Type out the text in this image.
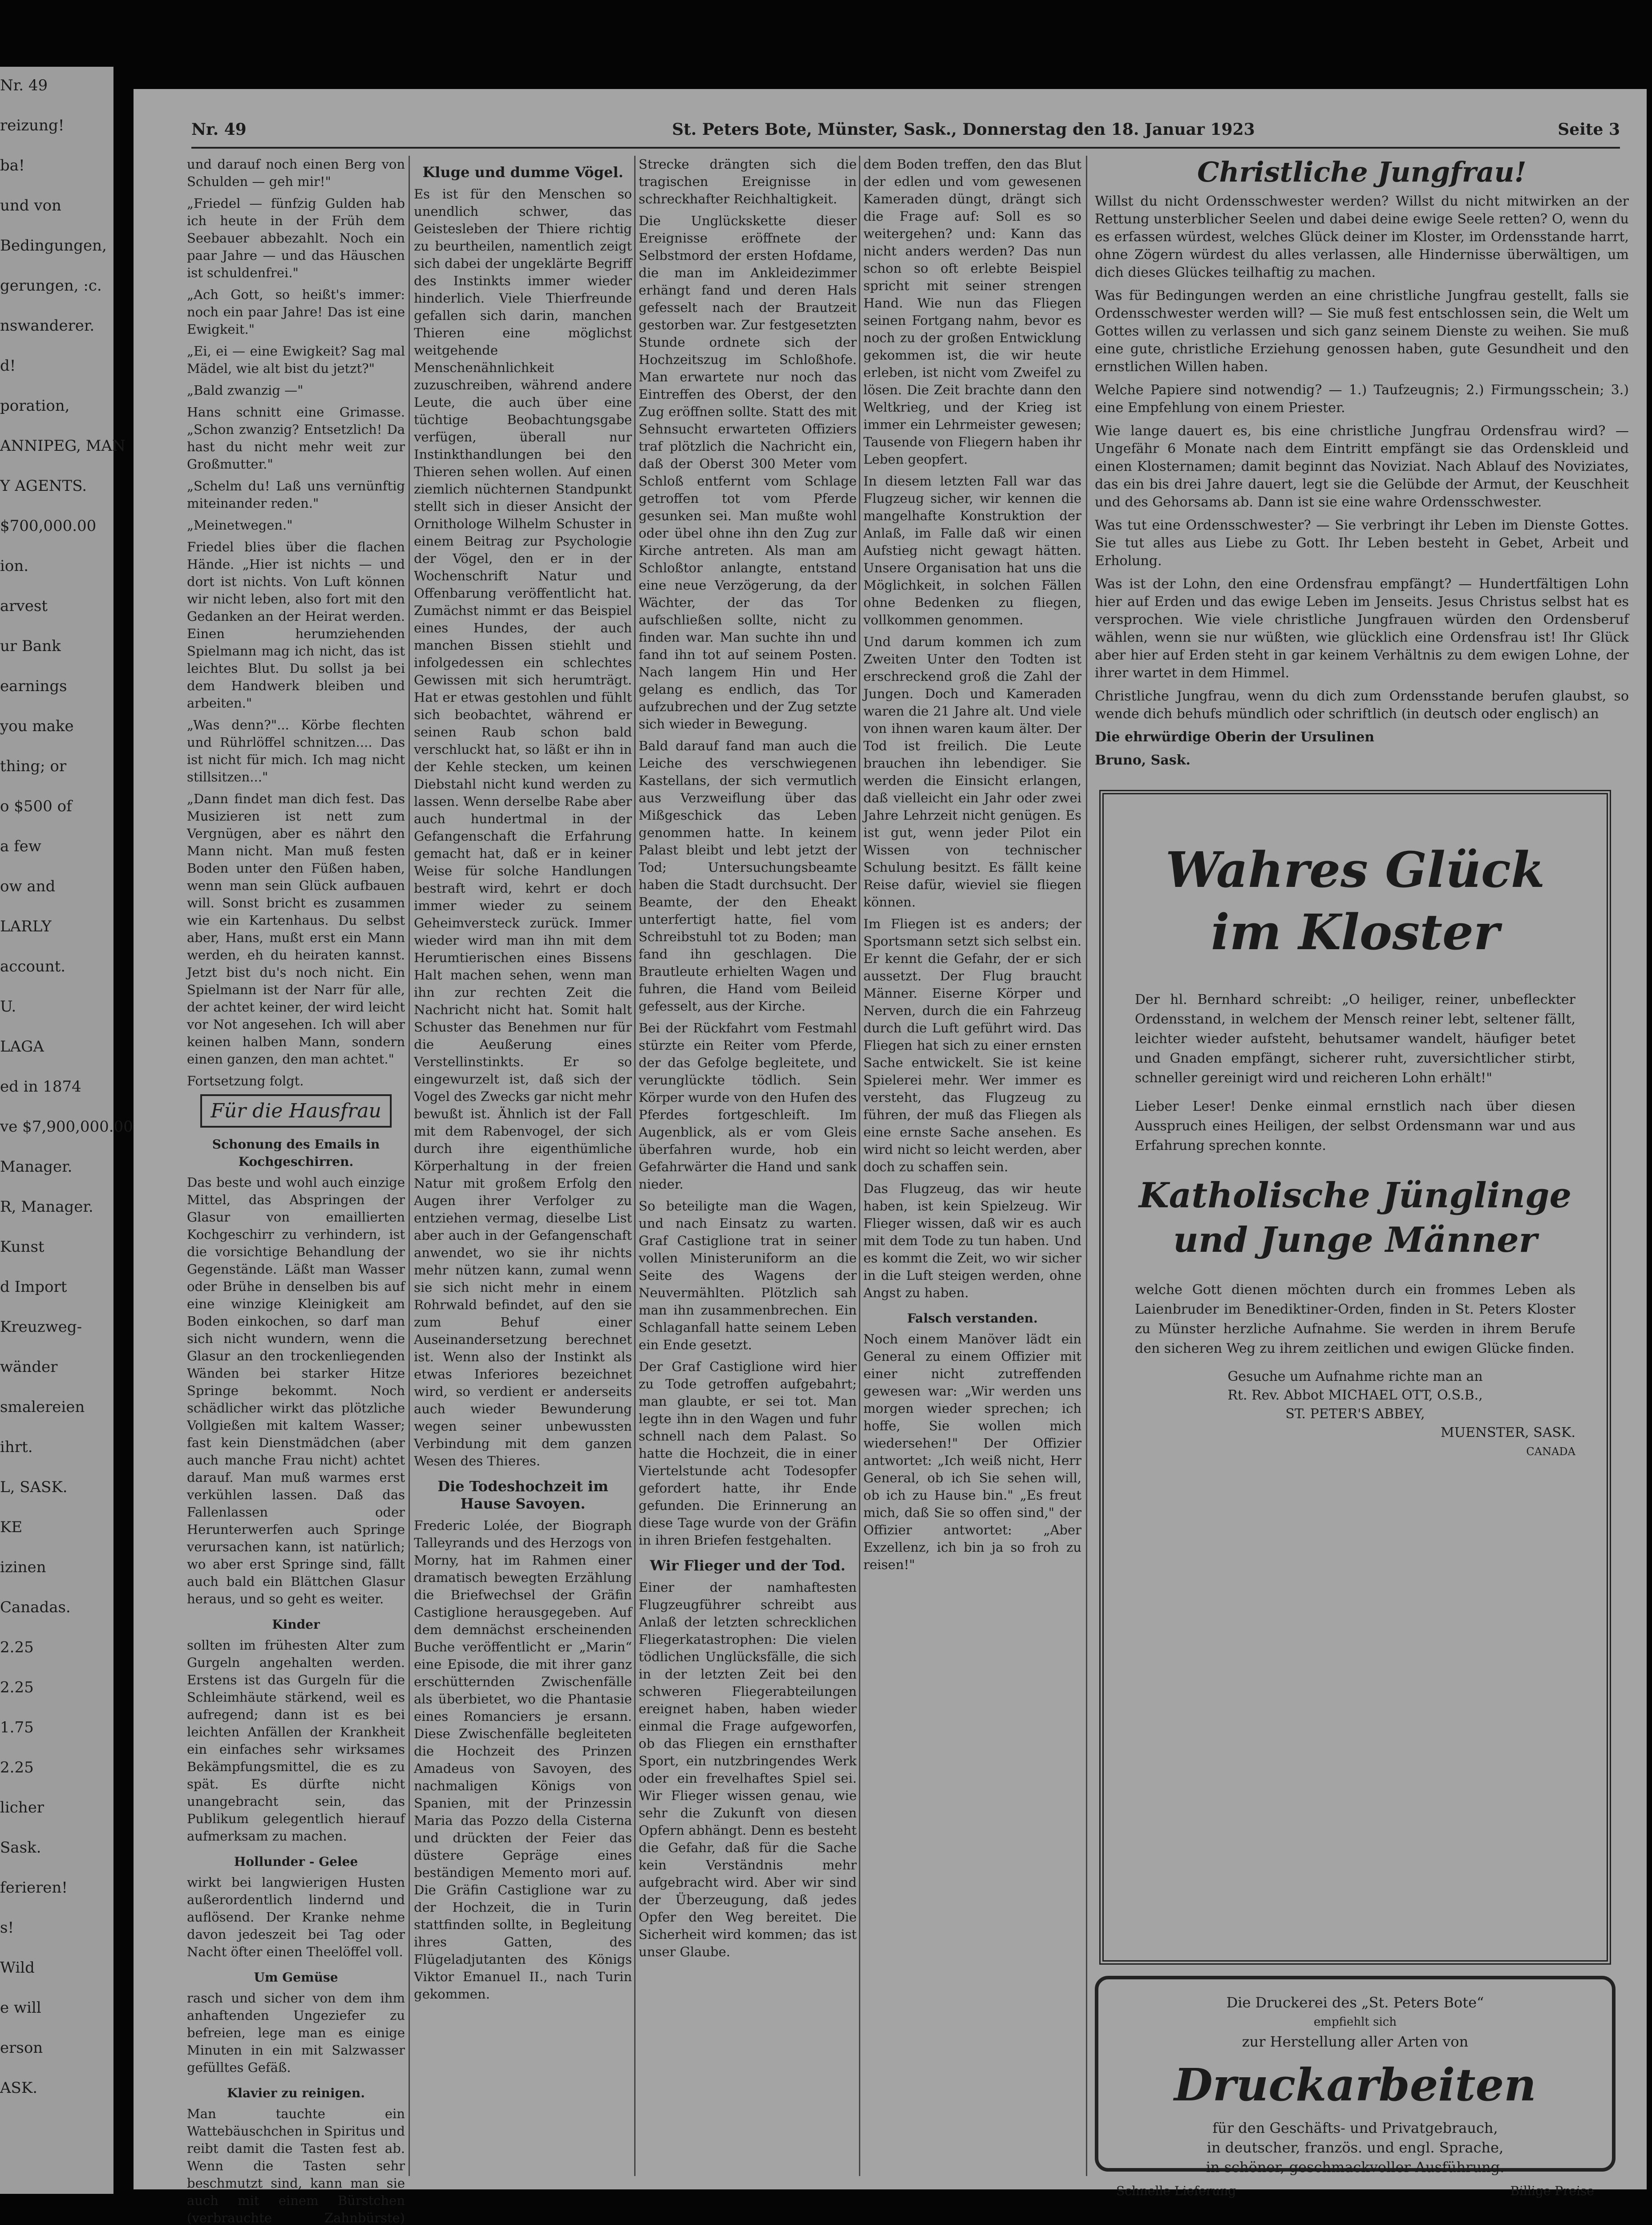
Nr. 49

reizung!

ba!

und von

Bedingungen,

gerungen, :c.

nswanderer.

d!

poration,

ANNIPEG, MAN

Y AGENTS.

$700,000.00

ion.

arvest

ur Bank

earnings

you make

thing; or

o $500 of

a few

ow and

LARLY

account.

U.

LAGA

ed in 1874

ve $7,900,000.00

Manager.

R, Manager.

Kunst

d Import

Kreuzweg-

wänder

smalereien

ihrt.

L, SASK.

KE

izinen

Canadas.

2.25

2.25

1.75

2.25

licher

Sask.

ferieren!

s!

Wild

e will

erson

ASK.

Nr. 49	St. Peters Bote, Münster, Sask., Donnerstag den 18. Januar 1923	Seite 3

und darauf noch einen Berg von Schulden — geh mir!"

„Friedel — fünfzig Gulden hab ich heute in der Früh dem Seebauer abbezahlt. Noch ein paar Jahre — und das Häuschen ist schuldenfrei."

„Ach Gott, so heißt's immer: noch ein paar Jahre! Das ist eine Ewigkeit."

„Ei, ei — eine Ewigkeit? Sag mal Mädel, wie alt bist du jetzt?"

„Bald zwanzig —"

Hans schnitt eine Grimasse. „Schon zwanzig? Entsetzlich! Da hast du nicht mehr weit zur Großmutter."

„Schelm du! Laß uns vernünftig miteinander reden."

„Meinetwegen."

Friedel blies über die flachen Hände. „Hier ist nichts — und dort ist nichts. Von Luft können wir nicht leben, also fort mit den Gedanken an der Heirat werden. Einen herumziehenden Spielmann mag ich nicht, das ist leichtes Blut. Du sollst ja bei dem Handwerk bleiben und arbeiten."

„Was denn?"... Körbe flechten und Rührlöffel schnitzen.... Das ist nicht für mich. Ich mag nicht stillsitzen..."

„Dann findet man dich fest. Das Musizieren ist nett zum Vergnügen, aber es nährt den Mann nicht. Man muß festen Boden unter den Füßen haben, wenn man sein Glück aufbauen will. Sonst bricht es zusammen wie ein Kartenhaus. Du selbst aber, Hans, mußt erst ein Mann werden, eh du heiraten kannst. Jetzt bist du's noch nicht. Ein Spielmann ist der Narr für alle, der achtet keiner, der wird leicht vor Not angesehen. Ich will aber keinen halben Mann, sondern einen ganzen, den man achtet."

Fortsetzung folgt.

Für die Hausfrau
Schonung des Emails in Kochgeschirren.

Das beste und wohl auch einzige Mittel, das Abspringen der Glasur von emaillierten Kochgeschirr zu verhindern, ist die vorsichtige Behandlung der Gegenstände. Läßt man Wasser oder Brühe in denselben bis auf eine winzige Kleinigkeit am Boden einkochen, so darf man sich nicht wundern, wenn die Glasur an den trockenliegenden Wänden bei starker Hitze Springe bekommt. Noch schädlicher wirkt das plötzliche Vollgießen mit kaltem Wasser; fast kein Dienstmädchen (aber auch manche Frau nicht) achtet darauf. Man muß warmes erst verkühlen lassen. Daß das Fallenlassen oder Herunterwerfen auch Springe verursachen kann, ist natürlich; wo aber erst Springe sind, fällt auch bald ein Blättchen Glasur heraus, und so geht es weiter.

Kinder

sollten im frühesten Alter zum Gurgeln angehalten werden. Erstens ist das Gurgeln für die Schleimhäute stärkend, weil es aufregend; dann ist es bei leichten Anfällen der Krankheit ein einfaches sehr wirksames Bekämpfungsmittel, die es zu spät. Es dürfte nicht unangebracht sein, das Publikum gelegentlich hierauf aufmerksam zu machen.

Hollunder - Gelee

wirkt bei langwierigen Husten außerordentlich lindernd und auflösend. Der Kranke nehme davon jedeszeit bei Tag oder Nacht öfter einen Theelöffel voll.

Um Gemüse

rasch und sicher von dem ihm anhaftenden Ungeziefer zu befreien, lege man es einige Minuten in ein mit Salzwasser gefülltes Gefäß.

Klavier zu reinigen.

Man tauchte ein Wattebäuschchen in Spiritus und reibt damit die Tasten fest ab. Wenn die Tasten sehr beschmutzt sind, kann man sie auch mit einem Bürstchen (verbrauchte Zahnbürste)

Kluge und dumme Vögel.

Es ist für den Menschen so unendlich schwer, das Geistesleben der Thiere richtig zu beurtheilen, namentlich zeigt sich dabei der ungeklärte Begriff des Instinkts immer wieder hinderlich. Viele Thierfreunde gefallen sich darin, manchen Thieren eine möglichst weitgehende Menschenähnlichkeit zuzuschreiben, während andere Leute, die auch über eine tüchtige Beobachtungsgabe verfügen, überall nur Instinkthandlungen bei den Thieren sehen wollen. Auf einen ziemlich nüchternen Standpunkt stellt sich in dieser Ansicht der Ornithologe Wilhelm Schuster in einem Beitrag zur Psychologie der Vögel, den er in der Wochenschrift Natur und Offenbarung veröffentlicht hat. Zumächst nimmt er das Beispiel eines Hundes, der auch manchen Bissen stiehlt und infolgedessen ein schlechtes Gewissen mit sich herumträgt. Hat er etwas gestohlen und fühlt sich beobachtet, während er seinen Raub schon bald verschluckt hat, so läßt er ihn in der Kehle stecken, um keinen Diebstahl nicht kund werden zu lassen. Wenn derselbe Rabe aber auch hundertmal in der Gefangenschaft die Erfahrung gemacht hat, daß er in keiner Weise für solche Handlungen bestraft wird, kehrt er doch immer wieder zu seinem Geheimversteck zurück. Immer wieder wird man ihn mit dem Herumtierischen eines Bissens Halt machen sehen, wenn man ihn zur rechten Zeit die Nachricht nicht hat. Somit halt Schuster das Benehmen nur für die Aeußerung eines Verstellinstinkts. Er so eingewurzelt ist, daß sich der Vogel des Zwecks gar nicht mehr bewußt ist. Ähnlich ist der Fall mit dem Rabenvogel, der sich durch ihre eigenthümliche Körperhaltung in der freien Natur mit großem Erfolg den Augen ihrer Verfolger zu entziehen vermag, dieselbe List aber auch in der Gefangenschaft anwendet, wo sie ihr nichts mehr nützen kann, zumal wenn sie sich nicht mehr in einem Rohrwald befindet, auf den sie zum Behuf einer Auseinandersetzung berechnet ist. Wenn also der Instinkt als etwas Inferiores bezeichnet wird, so verdient er anderseits auch wieder Bewunderung wegen seiner unbewussten Verbindung mit dem ganzen Wesen des Thieres.

Die Todeshochzeit im Hause Savoyen.

Frederic Lolée, der Biograph Talleyrands und des Herzogs von Morny, hat im Rahmen einer dramatisch bewegten Erzählung die Briefwechsel der Gräfin Castiglione herausgegeben. Auf dem demnächst erscheinenden Buche veröffentlicht er „Marin“ eine Episode, die mit ihrer ganz erschütternden Zwischenfälle als überbietet, wo die Phantasie eines Romanciers je ersann. Diese Zwischenfälle begleiteten die Hochzeit des Prinzen Amadeus von Savoyen, des nachmaligen Königs von Spanien, mit der Prinzessin Maria das Pozzo della Cisterna und drückten der Feier das düstere Gepräge eines beständigen Memento mori auf. Die Gräfin Castiglione war zu der Hochzeit, die in Turin stattfinden sollte, in Begleitung ihres Gatten, des Flügeladjutanten des Königs Viktor Emanuel II., nach Turin gekommen.

Strecke drängten sich die tragischen Ereignisse in schreckhafter Reichhaltigkeit.

Die Unglückskette dieser Ereignisse eröffnete der Selbstmord der ersten Hofdame, die man im Ankleidezimmer erhängt fand und deren Hals gefesselt nach der Brautzeit gestorben war. Zur festgesetzten Stunde ordnete sich der Hochzeitszug im Schloßhofe. Man erwartete nur noch das Eintreffen des Oberst, der den Zug eröffnen sollte. Statt des mit Sehnsucht erwarteten Offiziers traf plötzlich die Nachricht ein, daß der Oberst 300 Meter vom Schloß entfernt vom Schlage getroffen tot vom Pferde gesunken sei. Man mußte wohl oder übel ohne ihn den Zug zur Kirche antreten. Als man am Schloßtor anlangte, entstand eine neue Verzögerung, da der Wächter, der das Tor aufschließen sollte, nicht zu finden war. Man suchte ihn und fand ihn tot auf seinem Posten. Nach langem Hin und Her gelang es endlich, das Tor aufzubrechen und der Zug setzte sich wieder in Bewegung.

Bald darauf fand man auch die Leiche des verschwiegenen Kastellans, der sich vermutlich aus Verzweiflung über das Mißgeschick das Leben genommen hatte. In keinem Palast bleibt und lebt jetzt der Tod; Untersuchungsbeamte haben die Stadt durchsucht. Der Beamte, der den Eheakt unterfertigt hatte, fiel vom Schreibstuhl tot zu Boden; man fand ihn geschlagen. Die Brautleute erhielten Wagen und fuhren, die Hand vom Beileid gefesselt, aus der Kirche.

Bei der Rückfahrt vom Festmahl stürzte ein Reiter vom Pferde, der das Gefolge begleitete, und verunglückte tödlich. Sein Körper wurde von den Hufen des Pferdes fortgeschleift. Im Augenblick, als er vom Gleis überfahren wurde, hob ein Gefahrwärter die Hand und sank nieder.

So beteiligte man die Wagen, und nach Einsatz zu warten. Graf Castiglione trat in seiner vollen Ministeruniform an die Seite des Wagens der Neuvermählten. Plötzlich sah man ihn zusammenbrechen. Ein Schlaganfall hatte seinem Leben ein Ende gesetzt.

Der Graf Castiglione wird hier zu Tode getroffen aufgebahrt; man glaubte, er sei tot. Man legte ihn in den Wagen und fuhr schnell nach dem Palast. So hatte die Hochzeit, die in einer Viertelstunde acht Todesopfer gefordert hatte, ihr Ende gefunden. Die Erinnerung an diese Tage wurde von der Gräfin in ihren Briefen festgehalten.

Wir Flieger und der Tod.

Einer der namhaftesten Flugzeugführer schreibt aus Anlaß der letzten schrecklichen Fliegerkatastrophen: Die vielen tödlichen Unglücksfälle, die sich in der letzten Zeit bei den schweren Fliegerabteilungen ereignet haben, haben wieder einmal die Frage aufgeworfen, ob das Fliegen ein ernsthafter Sport, ein nutzbringendes Werk oder ein frevelhaftes Spiel sei. Wir Flieger wissen genau, wie sehr die Zukunft von diesen Opfern abhängt. Denn es besteht die Gefahr, daß für die Sache kein Verständnis mehr aufgebracht wird. Aber wir sind der Überzeugung, daß jedes Opfer den Weg bereitet. Die Sicherheit wird kommen; das ist unser Glaube.

dem Boden treffen, den das Blut der edlen und vom gewesenen Kameraden düngt, drängt sich die Frage auf: Soll es so weitergehen? und: Kann das nicht anders werden? Das nun schon so oft erlebte Beispiel spricht mit seiner strengen Hand. Wie nun das Fliegen seinen Fortgang nahm, bevor es noch zu der großen Entwicklung gekommen ist, die wir heute erleben, ist nicht vom Zweifel zu lösen. Die Zeit brachte dann den Weltkrieg, und der Krieg ist immer ein Lehrmeister gewesen; Tausende von Fliegern haben ihr Leben geopfert.

In diesem letzten Fall war das Flugzeug sicher, wir kennen die mangelhafte Konstruktion der Anlaß, im Falle daß wir einen Aufstieg nicht gewagt hätten. Unsere Organisation hat uns die Möglichkeit, in solchen Fällen ohne Bedenken zu fliegen, vollkommen genommen.

Und darum kommen ich zum Zweiten Unter den Todten ist erschreckend groß die Zahl der Jungen. Doch und Kameraden waren die 21 Jahre alt. Und viele von ihnen waren kaum älter. Der Tod ist freilich. Die Leute brauchen ihn lebendiger. Sie werden die Einsicht erlangen, daß vielleicht ein Jahr oder zwei Jahre Lehrzeit nicht genügen. Es ist gut, wenn jeder Pilot ein Wissen von technischer Schulung besitzt. Es fällt keine Reise dafür, wieviel sie fliegen können.

Im Fliegen ist es anders; der Sportsmann setzt sich selbst ein. Er kennt die Gefahr, der er sich aussetzt. Der Flug braucht Männer. Eiserne Körper und Nerven, durch die ein Fahrzeug durch die Luft geführt wird. Das Fliegen hat sich zu einer ernsten Sache entwickelt. Sie ist keine Spielerei mehr. Wer immer es versteht, das Flugzeug zu führen, der muß das Fliegen als eine ernste Sache ansehen. Es wird nicht so leicht werden, aber doch zu schaffen sein.

Das Flugzeug, das wir heute haben, ist kein Spielzeug. Wir Flieger wissen, daß wir es auch mit dem Tode zu tun haben. Und es kommt die Zeit, wo wir sicher in die Luft steigen werden, ohne Angst zu haben.

Falsch verstanden.

Noch einem Manöver lädt ein General zu einem Offizier mit einer nicht zutreffenden gewesen war: „Wir werden uns morgen wieder sprechen; ich hoffe, Sie wollen mich wiedersehen!" Der Offizier antwortet: „Ich weiß nicht, Herr General, ob ich Sie sehen will, ob ich zu Hause bin." „Es freut mich, daß Sie so offen sind," der Offizier antwortet: „Aber Exzellenz, ich bin ja so froh zu reisen!"

Christliche Jungfrau!

Willst du nicht Ordensschwester werden? Willst du nicht mitwirken an der Rettung unsterblicher Seelen und dabei deine ewige Seele retten? O, wenn du es erfassen würdest, welches Glück deiner im Kloster, im Ordensstande harrt, ohne Zögern würdest du alles verlassen, alle Hindernisse überwältigen, um dich dieses Glückes teilhaftig zu machen.

Was für Bedingungen werden an eine christliche Jungfrau gestellt, falls sie Ordensschwester werden will? — Sie muß fest entschlossen sein, die Welt um Gottes willen zu verlassen und sich ganz seinem Dienste zu weihen. Sie muß eine gute, christliche Erziehung genossen haben, gute Gesundheit und den ernstlichen Willen haben.

Welche Papiere sind notwendig? — 1.) Taufzeugnis; 2.) Firmungsschein; 3.) eine Empfehlung von einem Priester.

Wie lange dauert es, bis eine christliche Jungfrau Ordensfrau wird? — Ungefähr 6 Monate nach dem Eintritt empfängt sie das Ordenskleid und einen Klosternamen; damit beginnt das Noviziat. Nach Ablauf des Noviziates, das ein bis drei Jahre dauert, legt sie die Gelübde der Armut, der Keuschheit und des Gehorsams ab. Dann ist sie eine wahre Ordensschwester.

Was tut eine Ordensschwester? — Sie verbringt ihr Leben im Dienste Gottes. Sie tut alles aus Liebe zu Gott. Ihr Leben besteht in Gebet, Arbeit und Erholung.

Was ist der Lohn, den eine Ordensfrau empfängt? — Hundertfältigen Lohn hier auf Erden und das ewige Leben im Jenseits. Jesus Christus selbst hat es versprochen. Wie viele christliche Jungfrauen würden den Ordensberuf wählen, wenn sie nur wüßten, wie glücklich eine Ordensfrau ist! Ihr Glück aber hier auf Erden steht in gar keinem Verhältnis zu dem ewigen Lohne, der ihrer wartet in dem Himmel.

Christliche Jungfrau, wenn du dich zum Ordensstande berufen glaubst, so wende dich behufs mündlich oder schriftlich (in deutsch oder englisch) an

Die ehrwürdige Oberin der Ursulinen

Bruno, Sask.

Wahres Glück
im Kloster

Der hl. Bernhard schreibt: „O heiliger, reiner, unbefleckter Ordensstand, in welchem der Mensch reiner lebt, seltener fällt, leichter wieder aufsteht, behutsamer wandelt, häufiger betet und Gnaden empfängt, sicherer ruht, zuversichtlicher stirbt, schneller gereinigt wird und reicheren Lohn erhält!"

Lieber Leser! Denke einmal ernstlich nach über diesen Ausspruch eines Heiligen, der selbst Ordensmann war und aus Erfahrung sprechen konnte.

Katholische Jünglinge
und Junge Männer

welche Gott dienen möchten durch ein frommes Leben als Laienbruder im Benediktiner-Orden, finden in St. Peters Kloster zu Münster herzliche Aufnahme. Sie werden in ihrem Berufe den sicheren Weg zu ihrem zeitlichen und ewigen Glücke finden.

Gesuche um Aufnahme richte man an

Rt. Rev. Abbot MICHAEL OTT, O.S.B.,

ST. PETER'S ABBEY,

MUENSTER, SASK.

CANADA

Die Druckerei des „St. Peters Bote“

empfiehlt sich

zur Herstellung aller Arten von

Druckarbeiten

für den Geschäfts- und Privatgebrauch,

in deutscher, französ. und engl. Sprache,

in schöner, geschmackvoller Ausführung.

Schnelle Lieferung	Billige Preise
